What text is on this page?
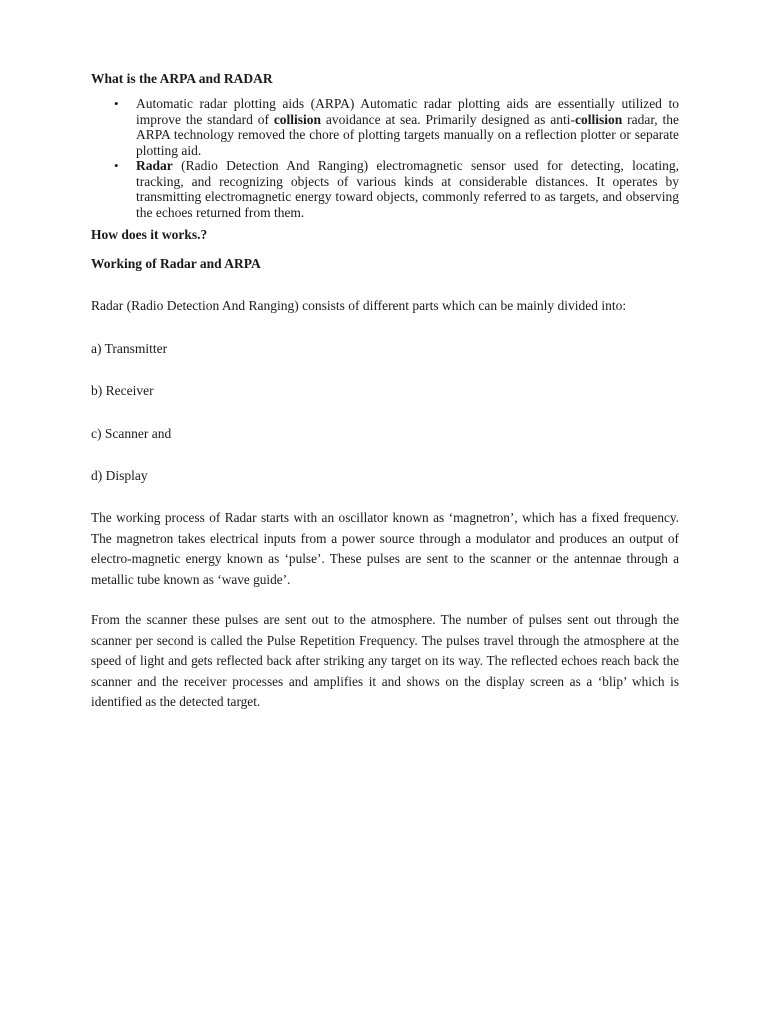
What is the ARPA and RADAR
• Automatic radar plotting aids (ARPA) Automatic radar plotting aids are essentially utilized to improve the standard of collision avoidance at sea. Primarily designed as anti-collision radar, the ARPA technology removed the chore of plotting targets manually on a reflection plotter or separate plotting aid.
• Radar (Radio Detection And Ranging) electromagnetic sensor used for detecting, locating, tracking, and recognizing objects of various kinds at considerable distances. It operates by transmitting electromagnetic energy toward objects, commonly referred to as targets, and observing the echoes returned from them.
How does it works.?
Working of Radar and ARPA
Radar (Radio Detection And Ranging) consists of different parts which can be mainly divided into:
a) Transmitter
b) Receiver
c) Scanner and
d) Display

The working process of Radar starts with an oscillator known as ‘magnetron’, which has a fixed frequency. The magnetron takes electrical inputs from a power source through a modulator and produces an output of electro-magnetic energy known as ‘pulse’. These pulses are sent to the scanner or the antennae through a metallic tube known as ‘wave guide’.

From the scanner these pulses are sent out to the atmosphere. The number of pulses sent out through the scanner per second is called the Pulse Repetition Frequency. The pulses travel through the atmosphere at the speed of light and gets reflected back after striking any target on its way. The reflected echoes reach back the scanner and the receiver processes and amplifies it and shows on the display screen as a ‘blip’ which is identified as the detected target.
